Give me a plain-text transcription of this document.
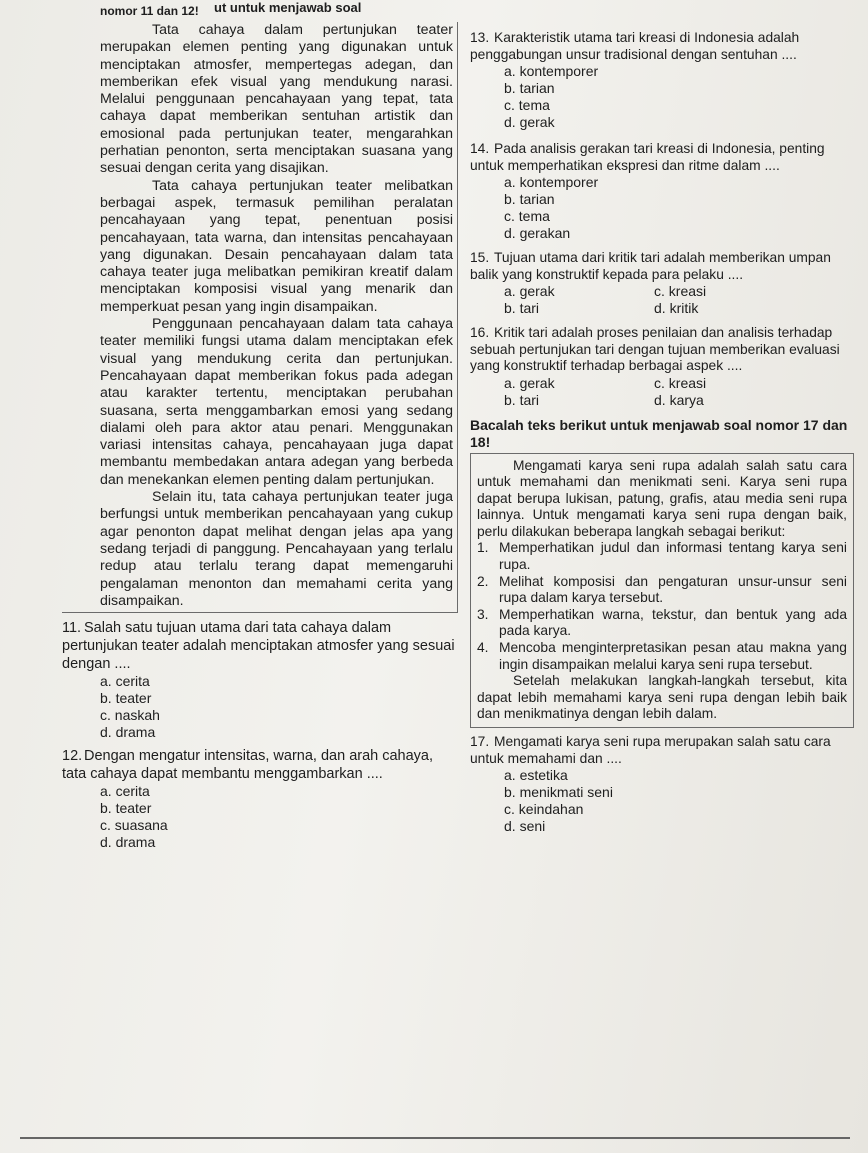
nomor 11 dan 12! ut untuk menjawab soal

Tata cahaya dalam pertunjukan teater merupakan elemen penting yang digunakan untuk menciptakan atmosfer, mempertegas adegan, dan memberikan efek visual yang mendukung narasi. Melalui penggunaan pencahayaan yang tepat, tata cahaya dapat memberikan sentuhan artistik dan emosional pada pertunjukan teater, mengarahkan perhatian penonton, serta menciptakan suasana yang sesuai dengan cerita yang disajikan.

Tata cahaya pertunjukan teater melibatkan berbagai aspek, termasuk pemilihan peralatan pencahayaan yang tepat, penentuan posisi pencahayaan, tata warna, dan intensitas pencahayaan yang digunakan. Desain pencahayaan dalam tata cahaya teater juga melibatkan pemikiran kreatif dalam menciptakan komposisi visual yang menarik dan memperkuat pesan yang ingin disampaikan.

Penggunaan pencahayaan dalam tata cahaya teater memiliki fungsi utama dalam menciptakan efek visual yang mendukung cerita dan pertunjukan. Pencahayaan dapat memberikan fokus pada adegan atau karakter tertentu, menciptakan perubahan suasana, serta menggambarkan emosi yang sedang dialami oleh para aktor atau penari. Menggunakan variasi intensitas cahaya, pencahayaan juga dapat membantu membedakan antara adegan yang berbeda dan menekankan elemen penting dalam pertunjukan.

Selain itu, tata cahaya pertunjukan teater juga berfungsi untuk memberikan pencahayaan yang cukup agar penonton dapat melihat dengan jelas apa yang sedang terjadi di panggung. Pencahayaan yang terlalu redup atau terlalu terang dapat memengaruhi pengalaman menonton dan memahami cerita yang disampaikan.

11. Salah satu tujuan utama dari tata cahaya dalam pertunjukan teater adalah menciptakan atmosfer yang sesuai dengan ....
a. cerita
b. teater
c. naskah
d. drama
12. Dengan mengatur intensitas, warna, dan arah cahaya, tata cahaya dapat membantu menggambarkan ....
a. cerita
b. teater
c. suasana
d. drama
13. Karakteristik utama tari kreasi di Indonesia adalah penggabungan unsur tradisional dengan sentuhan ....
a. kontemporer
b. tarian
c. tema
d. gerak
14. Pada analisis gerakan tari kreasi di Indonesia, penting untuk memperhatikan ekspresi dan ritme dalam ....
a. kontemporer
b. tarian
c. tema
d. gerakan
15. Tujuan utama dari kritik tari adalah memberikan umpan balik yang konstruktif kepada para pelaku ....
a. gerak	c. kreasi
b. tari	d. kritik
16. Kritik tari adalah proses penilaian dan analisis terhadap sebuah pertunjukan tari dengan tujuan memberikan evaluasi yang konstruktif terhadap berbagai aspek ....
a. gerak	c. kreasi
b. tari	d. karya

Bacalah teks berikut untuk menjawab soal nomor 17 dan 18!

Mengamati karya seni rupa adalah salah satu cara untuk memahami dan menikmati seni. Karya seni rupa dapat berupa lukisan, patung, grafis, atau media seni rupa lainnya. Untuk mengamati karya seni rupa dengan baik, perlu dilakukan beberapa langkah sebagai berikut:

1. Memperhatikan judul dan informasi tentang karya seni rupa.
2. Melihat komposisi dan pengaturan unsur-unsur seni rupa dalam karya tersebut.
3. Memperhatikan warna, tekstur, dan bentuk yang ada pada karya.
4. Mencoba menginterpretasikan pesan atau makna yang ingin disampaikan melalui karya seni rupa tersebut.

Setelah melakukan langkah-langkah tersebut, kita dapat lebih memahami karya seni rupa dengan lebih baik dan menikmatinya dengan lebih dalam.

17. Mengamati karya seni rupa merupakan salah satu cara untuk memahami dan ....
a. estetika
b. menikmati seni
c. keindahan
d. seni
